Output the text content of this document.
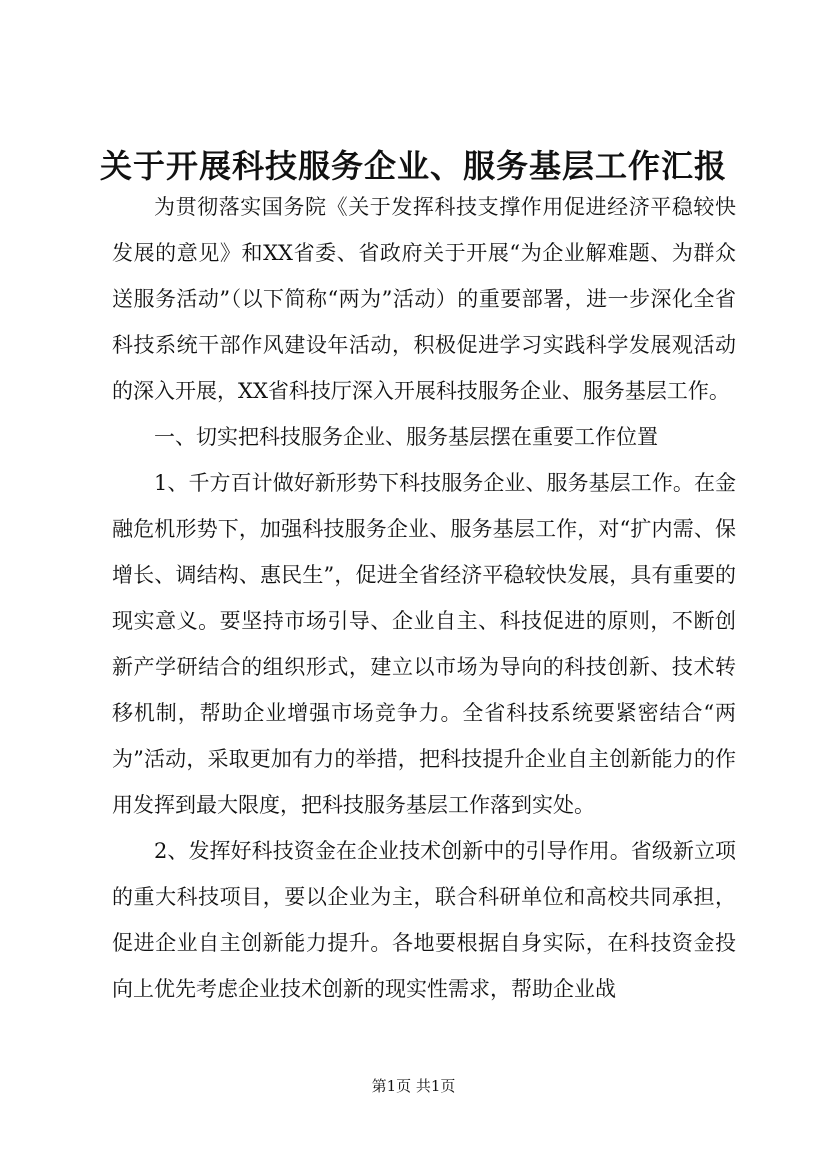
关于开展科技服务企业、服务基层工作汇报

为贯彻落实国务院《关于发挥科技支撑作用促进经济平稳较快发展的意见》和XX省委、省政府关于开展“为企业解难题、为群众送服务活动”（以下简称“两为”活动）的重要部署，进一步深化全省科技系统干部作风建设年活动，积极促进学习实践科学发展观活动的深入开展，XX省科技厅深入开展科技服务企业、服务基层工作。

一、切实把科技服务企业、服务基层摆在重要工作位置

1、千方百计做好新形势下科技服务企业、服务基层工作。在金融危机形势下，加强科技服务企业、服务基层工作，对“扩内需、保增长、调结构、惠民生”，促进全省经济平稳较快发展，具有重要的现实意义。要坚持市场引导、企业自主、科技促进的原则，不断创新产学研结合的组织形式，建立以市场为导向的科技创新、技术转移机制，帮助企业增强市场竞争力。全省科技系统要紧密结合“两为”活动，采取更加有力的举措，把科技提升企业自主创新能力的作用发挥到最大限度，把科技服务基层工作落到实处。

2、发挥好科技资金在企业技术创新中的引导作用。省级新立项的重大科技项目，要以企业为主，联合科研单位和高校共同承担，促进企业自主创新能力提升。各地要根据自身实际，在科技资金投向上优先考虑企业技术创新的现实性需求，帮助企业战

第1页 共1页
